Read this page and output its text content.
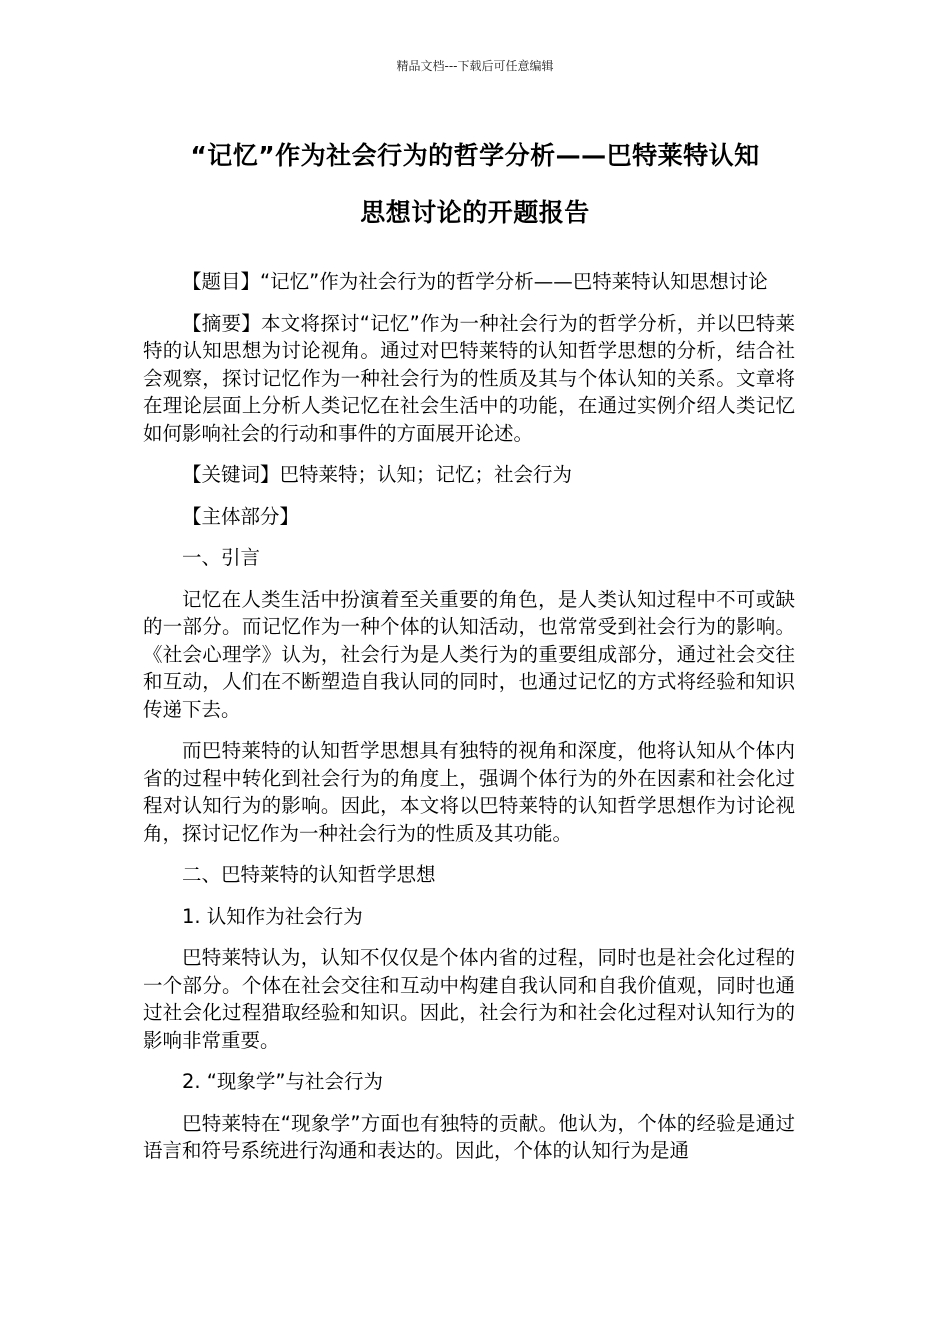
精品文档---下载后可任意编辑
“记忆”作为社会行为的哲学分析——巴特莱特认知
思想讨论的开题报告

【题目】“记忆”作为社会行为的哲学分析——巴特莱特认知思想讨论

【摘要】本文将探讨“记忆”作为一种社会行为的哲学分析，并以巴特莱特的认知思想为讨论视角。通过对巴特莱特的认知哲学思想的分析，结合社会观察，探讨记忆作为一种社会行为的性质及其与个体认知的关系。文章将在理论层面上分析人类记忆在社会生活中的功能，在通过实例介绍人类记忆如何影响社会的行动和事件的方面展开论述。

【关键词】巴特莱特；认知；记忆；社会行为

【主体部分】

一、引言

记忆在人类生活中扮演着至关重要的角色，是人类认知过程中不可或缺的一部分。而记忆作为一种个体的认知活动，也常常受到社会行为的影响。《社会心理学》认为，社会行为是人类行为的重要组成部分，通过社会交往和互动，人们在不断塑造自我认同的同时，也通过记忆的方式将经验和知识传递下去。

而巴特莱特的认知哲学思想具有独特的视角和深度，他将认知从个体内省的过程中转化到社会行为的角度上，强调个体行为的外在因素和社会化过程对认知行为的影响。因此，本文将以巴特莱特的认知哲学思想作为讨论视角，探讨记忆作为一种社会行为的性质及其功能。

二、巴特莱特的认知哲学思想

1. 认知作为社会行为

巴特莱特认为，认知不仅仅是个体内省的过程，同时也是社会化过程的一个部分。个体在社会交往和互动中构建自我认同和自我价值观，同时也通过社会化过程猎取经验和知识。因此，社会行为和社会化过程对认知行为的影响非常重要。

2. “现象学”与社会行为

巴特莱特在“现象学”方面也有独特的贡献。他认为，个体的经验是通过语言和符号系统进行沟通和表达的。因此，个体的认知行为是通
